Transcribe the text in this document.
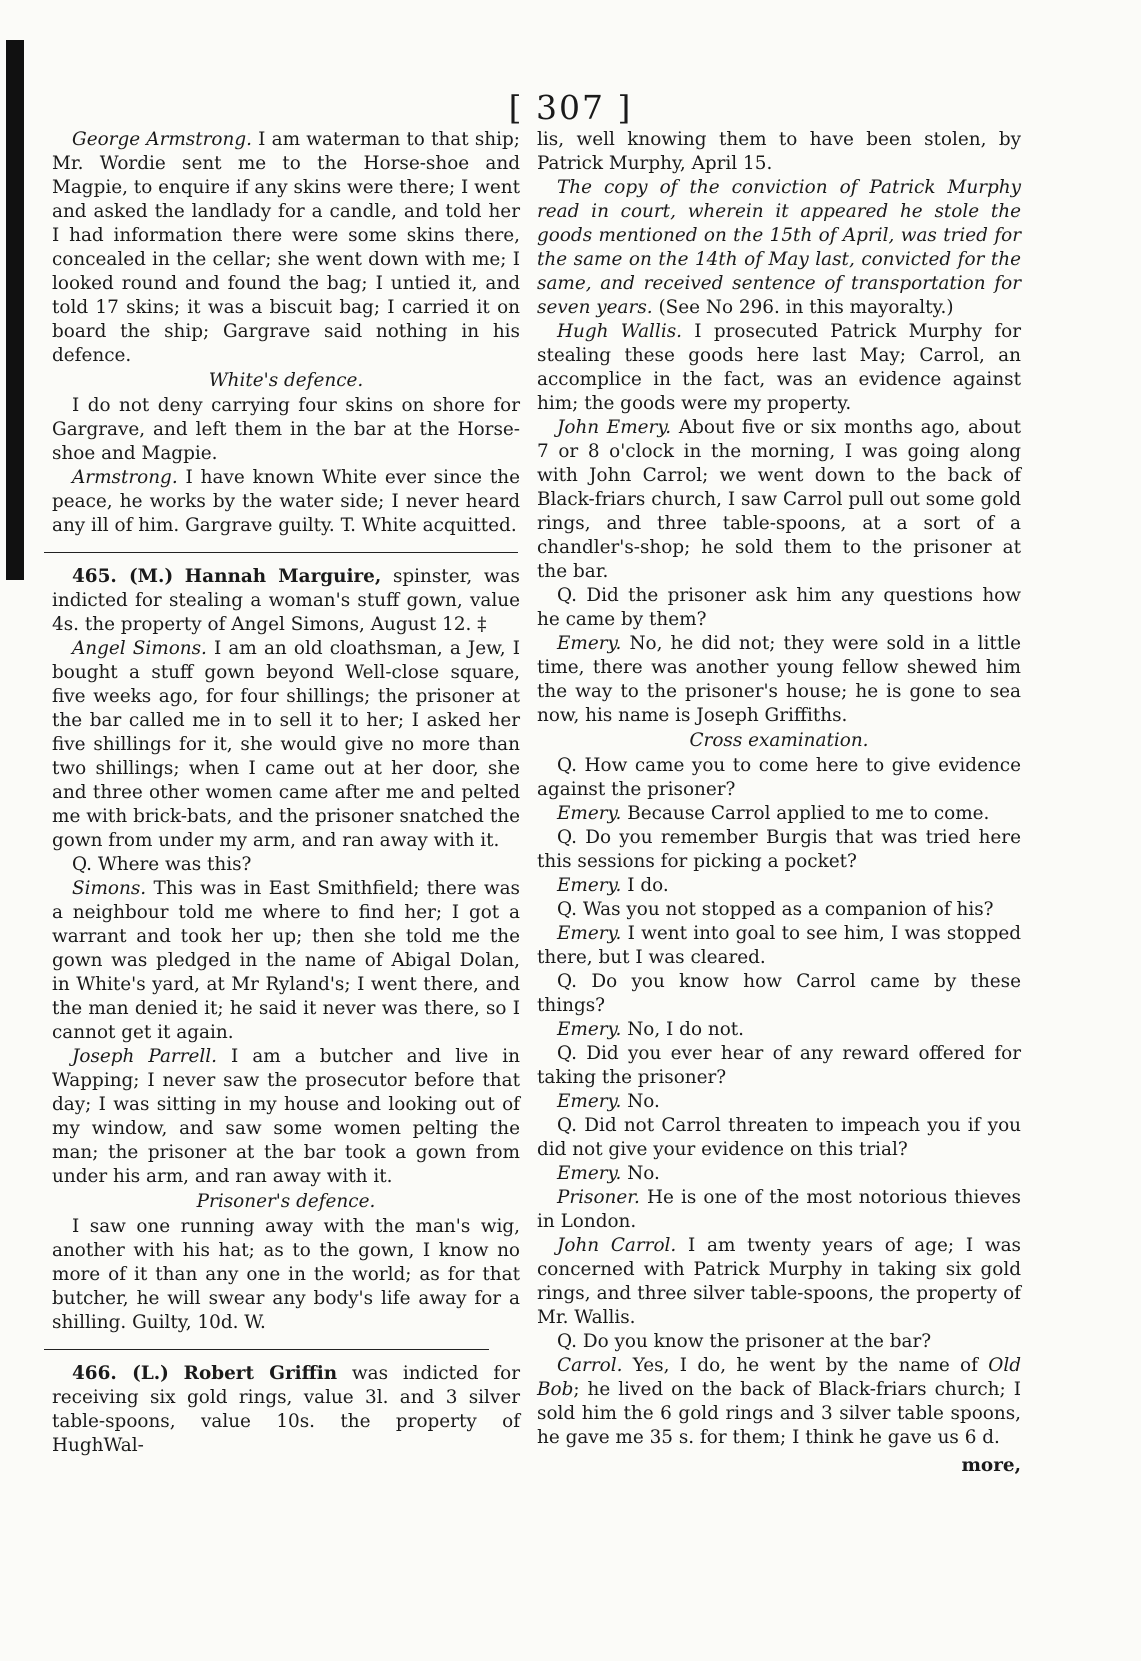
[ 307 ]

George Armstrong. I am waterman to that ship; Mr. Wordie sent me to the Horse-shoe and Magpie, to enquire if any skins were there; I went and asked the landlady for a candle, and told her I had information there were some skins there, concealed in the cellar; she went down with me; I looked round and found the bag; I untied it, and told 17 skins; it was a biscuit bag; I carried it on board the ship; Gargrave said nothing in his defence.

White's defence.

I do not deny carrying four skins on shore for Gargrave, and left them in the bar at the Horse-shoe and Magpie.

Armstrong. I have known White ever since the peace, he works by the water side; I never heard any ill of him. Gargrave guilty. T. White acquitted.

465. (M.) Hannah Marguire, spinster, was indicted for stealing a woman's stuff gown, value 4s. the property of Angel Simons, August 12. ‡

Angel Simons. I am an old cloathsman, a Jew, I bought a stuff gown beyond Well-close square, five weeks ago, for four shillings; the prisoner at the bar called me in to sell it to her; I asked her five shillings for it, she would give no more than two shillings; when I came out at her door, she and three other women came after me and pelted me with brick-bats, and the prisoner snatched the gown from under my arm, and ran away with it.

Q. Where was this?

Simons. This was in East Smithfield; there was a neighbour told me where to find her; I got a warrant and took her up; then she told me the gown was pledged in the name of Abigal Dolan, in White's yard, at Mr Ryland's; I went there, and the man denied it; he said it never was there, so I cannot get it again.

Joseph Parrell. I am a butcher and live in Wapping; I never saw the prosecutor before that day; I was sitting in my house and looking out of my window, and saw some women pelting the man; the prisoner at the bar took a gown from under his arm, and ran away with it.

Prisoner's defence.

I saw one running away with the man's wig, another with his hat; as to the gown, I know no more of it than any one in the world; as for that butcher, he will swear any body's life away for a shilling. Guilty, 10d. W.

466. (L.) Robert Griffin was indicted for receiving six gold rings, value 3l. and 3 silver table-spoons, value 10s. the property of HughWal-

lis, well knowing them to have been stolen, by Patrick Murphy, April 15.

The copy of the conviction of Patrick Murphy read in court, wherein it appeared he stole the goods mentioned on the 15th of April, was tried for the same on the 14th of May last, convicted for the same, and received sentence of transportation for seven years. (See No 296. in this mayoralty.)

Hugh Wallis. I prosecuted Patrick Murphy for stealing these goods here last May; Carrol, an accomplice in the fact, was an evidence against him; the goods were my property.

John Emery. About five or six months ago, about 7 or 8 o'clock in the morning, I was going along with John Carrol; we went down to the back of Black-friars church, I saw Carrol pull out some gold rings, and three table-spoons, at a sort of a chandler's-shop; he sold them to the prisoner at the bar.

Q. Did the prisoner ask him any questions how he came by them?

Emery. No, he did not; they were sold in a little time, there was another young fellow shewed him the way to the prisoner's house; he is gone to sea now, his name is Joseph Griffiths.

Cross examination.

Q. How came you to come here to give evidence against the prisoner?

Emery. Because Carrol applied to me to come.

Q. Do you remember Burgis that was tried here this sessions for picking a pocket?

Emery. I do.

Q. Was you not stopped as a companion of his?

Emery. I went into goal to see him, I was stopped there, but I was cleared.

Q. Do you know how Carrol came by these things?

Emery. No, I do not.

Q. Did you ever hear of any reward offered for taking the prisoner?

Emery. No.

Q. Did not Carrol threaten to impeach you if you did not give your evidence on this trial?

Emery. No.

Prisoner. He is one of the most notorious thieves in London.

John Carrol. I am twenty years of age; I was concerned with Patrick Murphy in taking six gold rings, and three silver table-spoons, the property of Mr. Wallis.

Q. Do you know the prisoner at the bar?

Carrol. Yes, I do, he went by the name of Old Bob; he lived on the back of Black-friars church; I sold him the 6 gold rings and 3 silver table spoons, he gave me 35 s. for them; I think he gave us 6 d.

more,
